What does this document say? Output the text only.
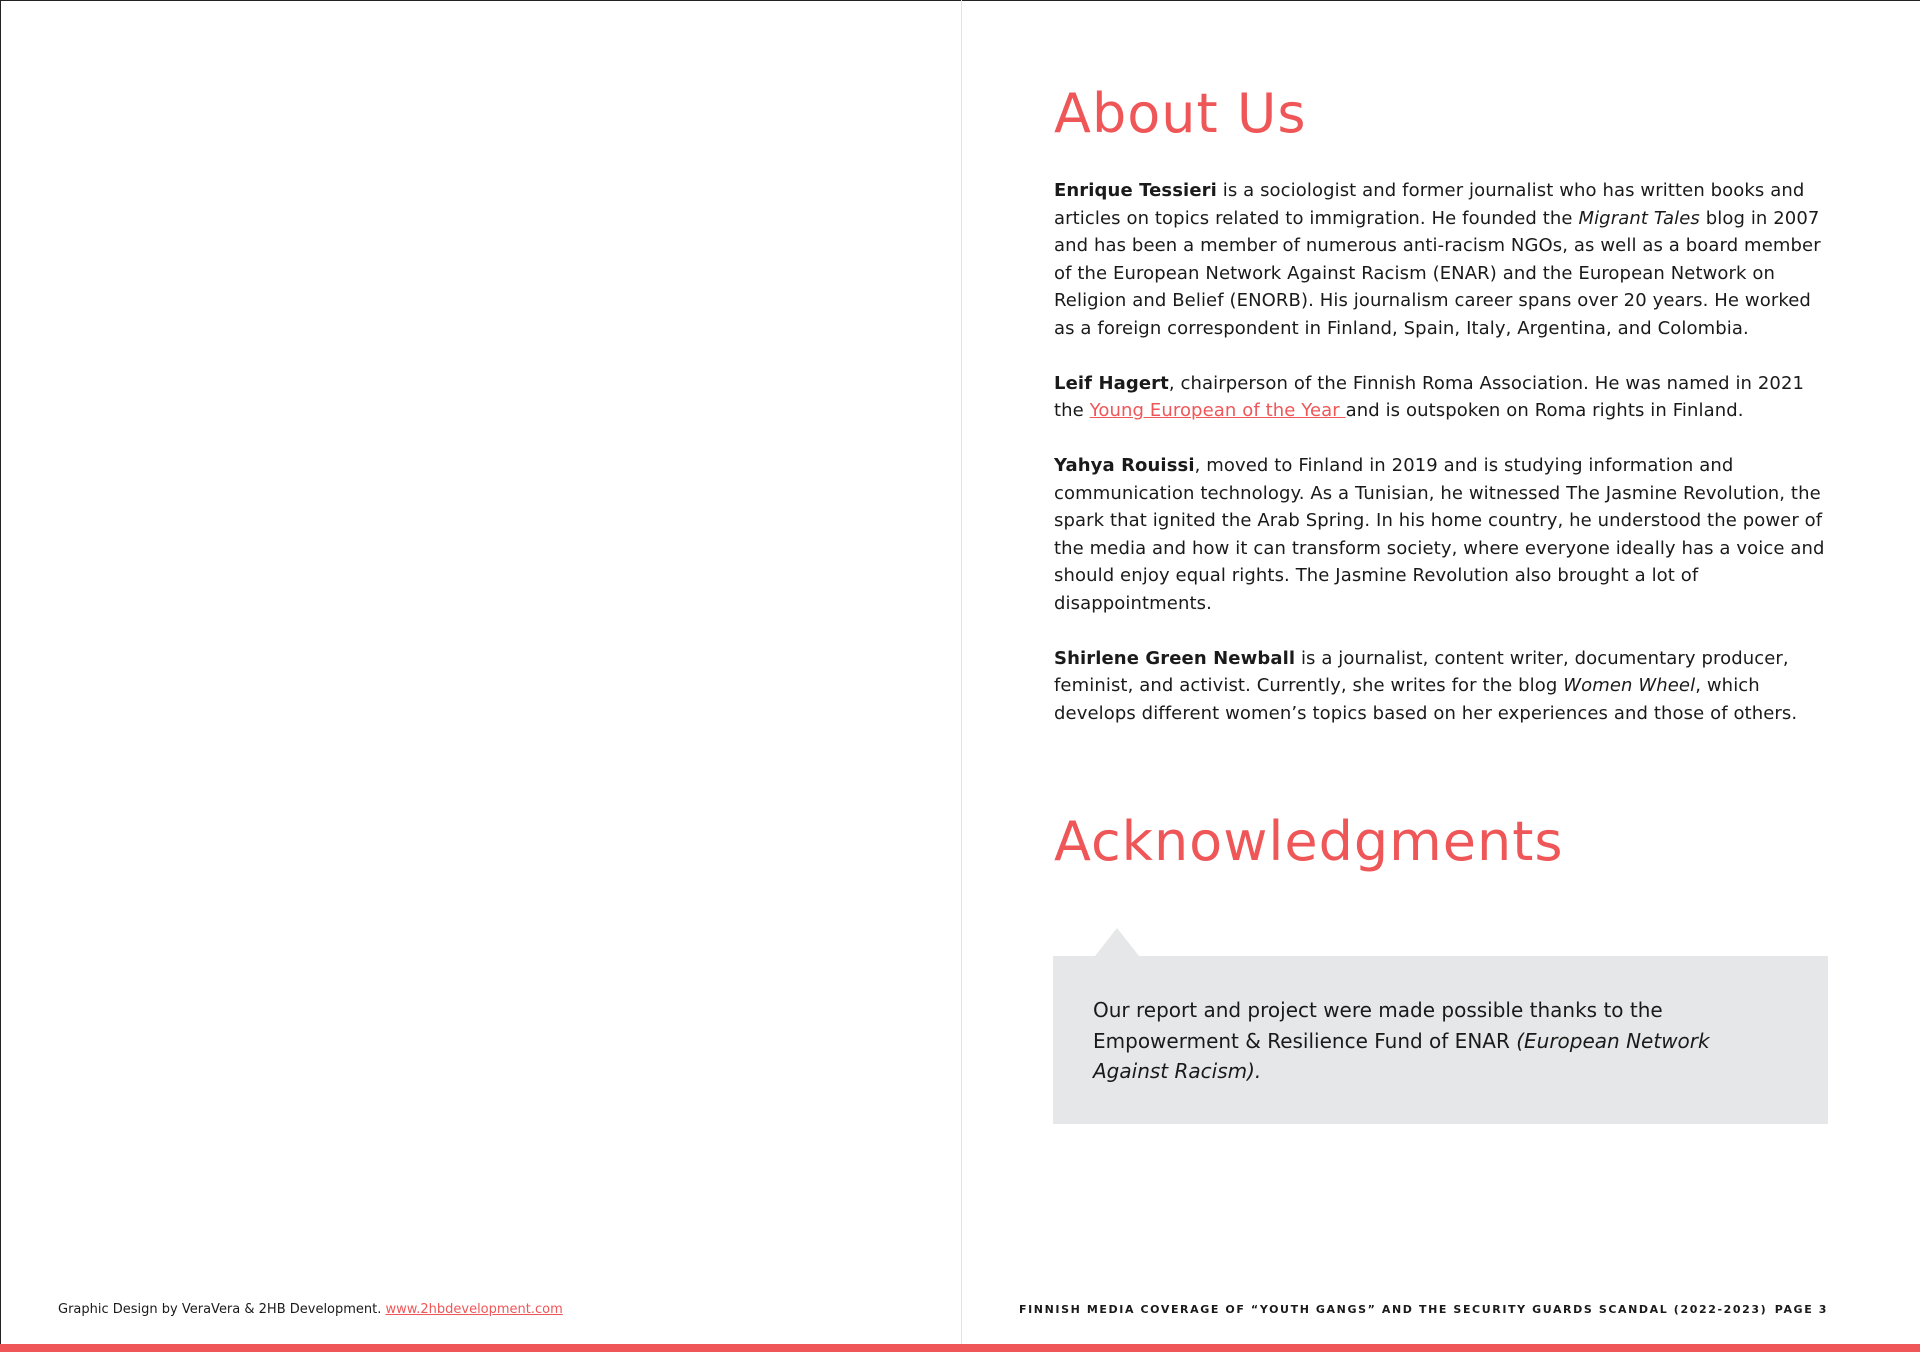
Graphic Design by VeraVera & 2HB Development. www.2hbdevelopment.com
About Us

Enrique Tessieri is a sociologist and former journalist who has written books and articles on topics related to immigration. He founded the Migrant Tales blog in 2007 and has been a member of numerous anti-racism NGOs, as well as a board member of the European Network Against Racism (ENAR) and the European Network on Religion and Belief (ENORB). His journalism career spans over 20 years. He worked as a foreign correspondent in Finland, Spain, Italy, Argentina, and Colombia.

Leif Hagert, chairperson of the Finnish Roma Association. He was named in 2021 the Young European of the Year and is outspoken on Roma rights in Finland.

Yahya Rouissi, moved to Finland in 2019 and is studying information and communication technology. As a Tunisian, he witnessed The Jasmine Revolution, the spark that ignited the Arab Spring. In his home country, he understood the power of the media and how it can transform society, where everyone ideally has a voice and should enjoy equal rights. The Jasmine Revolution also brought a lot of disappointments.

Shirlene Green Newball is a journalist, content writer, documentary producer, feminist, and activist. Currently, she writes for the blog Women Wheel, which develops different women’s topics based on her experiences and those of others.

Acknowledgments

Our report and project were made possible thanks to the Empowerment & Resilience Fund of ENAR (European Network Against Racism).

FINNISH MEDIA COVERAGE OF “YOUTH GANGS” AND THE SECURITY GUARDS SCANDAL (2022-2023) PAGE 3
